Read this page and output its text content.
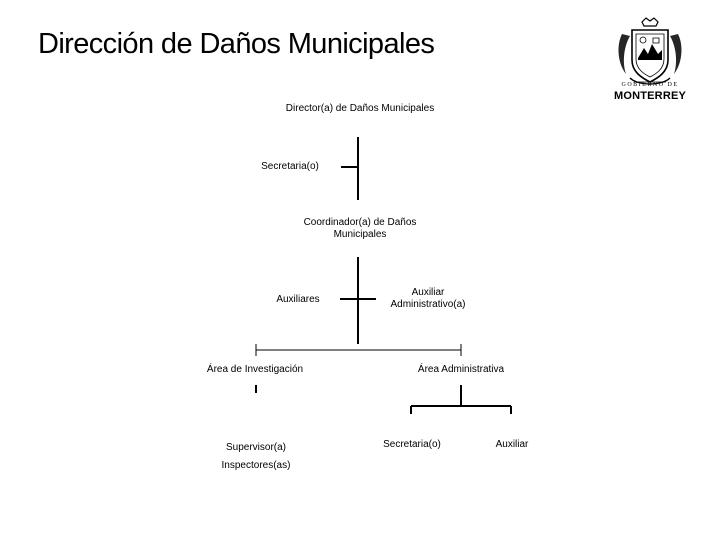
Dirección de Daños Municipales
GOBIERNO DE
MONTERREY
Director(a) de Daños Municipales
Secretaria(o)
Coordinador(a) de Daños
Municipales
Auxiliares
Auxiliar
Administrativo(a)
Área de Investigación	Área Administrativa
Supervisor(a)
Inspectores(as)
Secretaria(o)	Auxiliar
